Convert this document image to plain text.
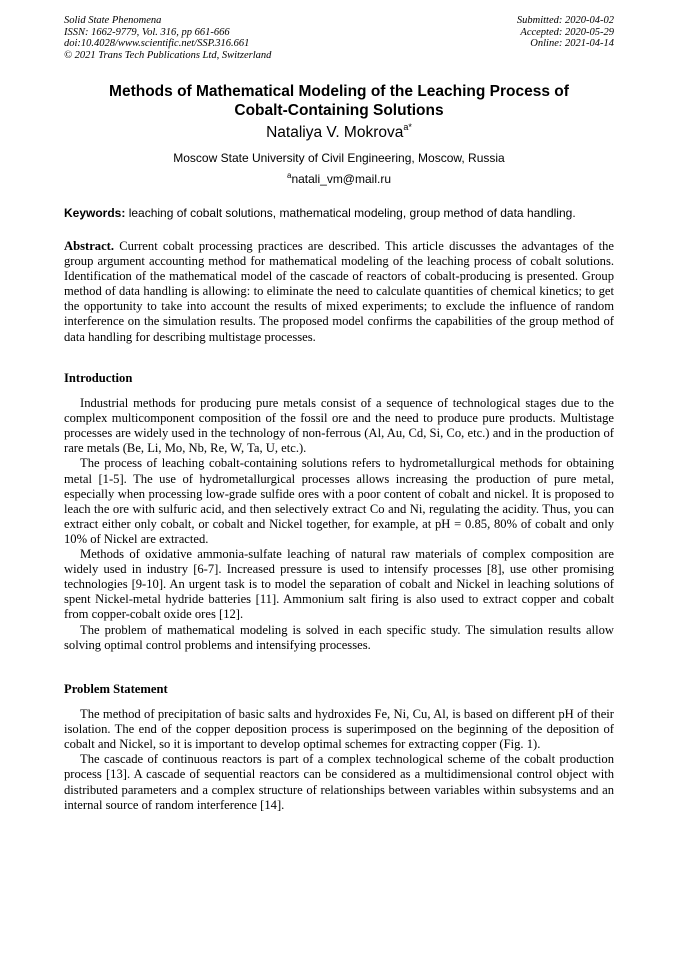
Solid State Phenomena
ISSN: 1662-9779, Vol. 316, pp 661-666
doi:10.4028/www.scientific.net/SSP.316.661
© 2021 Trans Tech Publications Ltd, Switzerland
Submitted: 2020-04-02
Accepted: 2020-05-29
Online: 2021-04-14
Methods of Mathematical Modeling of the Leaching Process of
Cobalt-Containing Solutions
Nataliya V. Mokrova$^{a*}$
Moscow State University of Civil Engineering, Moscow, Russia
$^a$natali_vm@mail.ru
Keywords: leaching of cobalt solutions, mathematical modeling, group method of data handling.

Abstract. Current cobalt processing practices are described. This article discusses the advantages of the group argument accounting method for mathematical modeling of the leaching process of cobalt solutions. Identification of the mathematical model of the cascade of reactors of cobalt-producing is presented. Group method of data handling is allowing: to eliminate the need to calculate quantities of chemical kinetics; to get the opportunity to take into account the results of mixed experiments; to exclude the influence of random interference on the simulation results. The proposed model confirms the capabilities of the group method of data handling for describing multistage processes.

Introduction

Industrial methods for producing pure metals consist of a sequence of technological stages due to the complex multicomponent composition of the fossil ore and the need to produce pure products. Multistage processes are widely used in the technology of non-ferrous (Al, Au, Cd, Si, Co, etc.) and in the production of rare metals (Be, Li, Mo, Nb, Re, W, Ta, U, etc.).

The process of leaching cobalt-containing solutions refers to hydrometallurgical methods for obtaining metal [1-5]. The use of hydrometallurgical processes allows increasing the production of pure metal, especially when processing low-grade sulfide ores with a poor content of cobalt and nickel. It is proposed to leach the ore with sulfuric acid, and then selectively extract Co and Ni, regulating the acidity. Thus, you can extract either only cobalt, or cobalt and Nickel together, for example, at pH = 0.85, 80% of cobalt and only 10% of Nickel are extracted.

Methods of oxidative ammonia-sulfate leaching of natural raw materials of complex composition are widely used in industry [6-7]. Increased pressure is used to intensify processes [8], use other promising technologies [9-10]. An urgent task is to model the separation of cobalt and Nickel in leaching solutions of spent Nickel-metal hydride batteries [11]. Ammonium salt firing is also used to extract copper and cobalt from copper-cobalt oxide ores [12].

The problem of mathematical modeling is solved in each specific study. The simulation results allow solving optimal control problems and intensifying processes.

Problem Statement

The method of precipitation of basic salts and hydroxides Fe, Ni, Cu, Al, is based on different pH of their isolation. The end of the copper deposition process is superimposed on the beginning of the deposition of cobalt and Nickel, so it is important to develop optimal schemes for extracting copper (Fig. 1).

The cascade of continuous reactors is part of a complex technological scheme of the cobalt production process [13]. A cascade of sequential reactors can be considered as a multidimensional control object with distributed parameters and a complex structure of relationships between variables within subsystems and an internal source of random interference [14].
